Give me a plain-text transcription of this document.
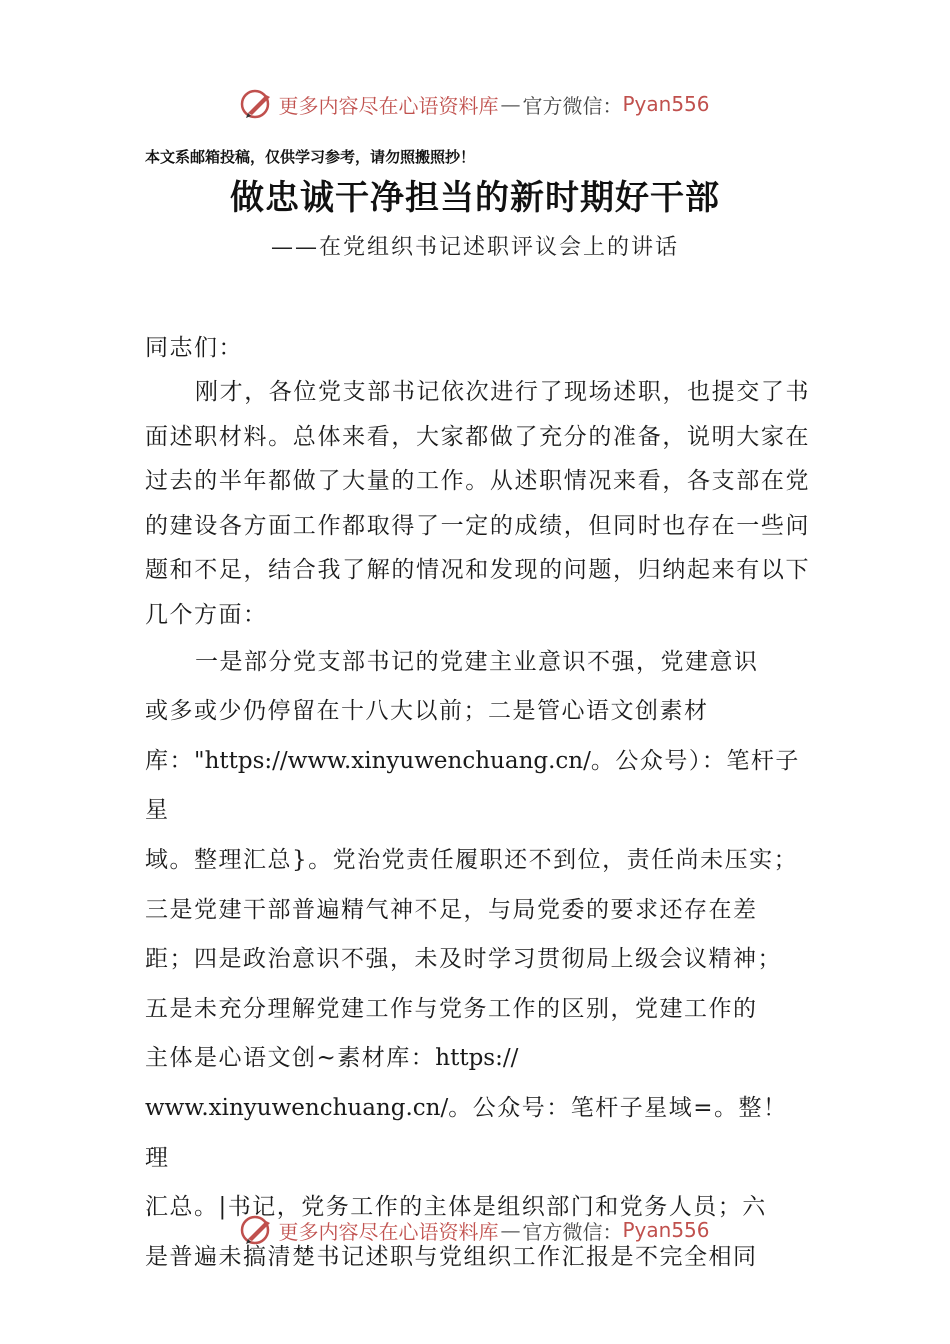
更多内容尽在心语资料库 — 官方微信： Pyan556
本文系邮箱投稿，仅供学习参考，请勿照搬照抄！
做忠诚干净担当的新时期好干部
——在党组织书记述职评议会上的讲话

同志们：

刚才，各位党支部书记依次进行了现场述职，也提交了书面述职材料。总体来看，大家都做了充分的准备，说明大家在过去的半年都做了大量的工作。从述职情况来看，各支部在党的建设各方面工作都取得了一定的成绩，但同时也存在一些问题和不足，结合我了解的情况和发现的问题，归纳起来有以下几个方面：

一是部分党支部书记的党建主业意识不强，党建意识
或多或少仍停留在十八大以前；二是管心语文创素材
库："https://www.xinyuwenchuang.cn/。公众号）：笔杆子星
域。整理汇总}。党治党责任履职还不到位，责任尚未压实；
三是党建干部普遍精气神不足，与局党委的要求还存在差
距；四是政治意识不强，未及时学习贯彻局上级会议精神；
五是未充分理解党建工作与党务工作的区别，党建工作的
主体是心语文创~素材库：https://
www.xinyuwenchuang.cn/。公众号：笔杆子星域=。整！理
汇总。|书记，党务工作的主体是组织部门和党务人员；六
是普遍未搞清楚书记述职与党组织工作汇报是不完全相同

更多内容尽在心语资料库 — 官方微信： Pyan556
